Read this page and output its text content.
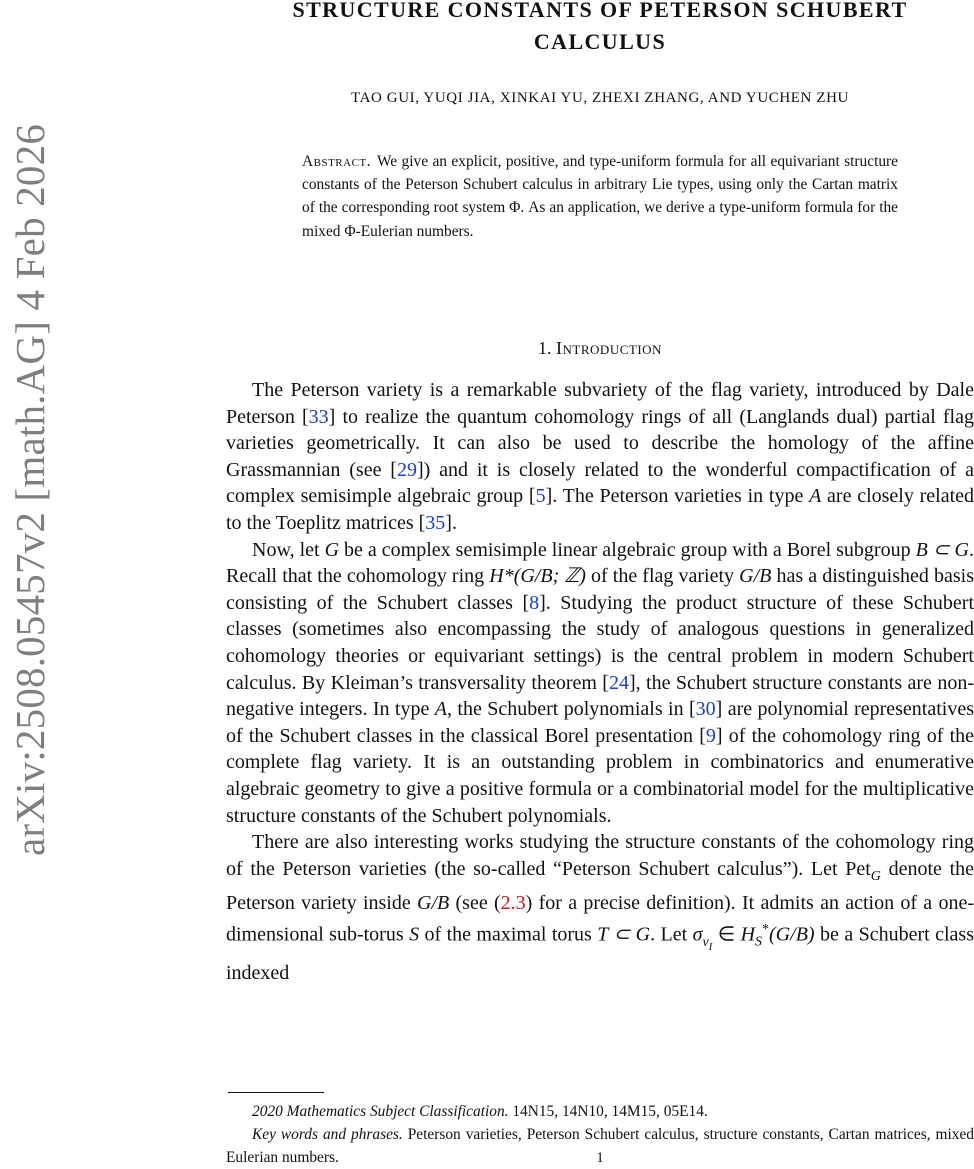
arXiv:2508.05457v2 [math.AG] 4 Feb 2026
STRUCTURE CONSTANTS OF PETERSON SCHUBERT
CALCULUS
TAO GUI, YUQI JIA, XINKAI YU, ZHEXI ZHANG, AND YUCHEN ZHU
Abstract. We give an explicit, positive, and type-uniform formula for all equivariant structure constants of the Peterson Schubert calculus in arbitrary Lie types, using only the Cartan matrix of the corresponding root system Φ. As an application, we derive a type-uniform formula for the mixed Φ-Eulerian numbers.
1. Introduction

The Peterson variety is a remarkable subvariety of the flag variety, introduced by Dale Peterson [33] to realize the quantum cohomology rings of all (Langlands dual) partial flag varieties geometrically. It can also be used to describe the homology of the affine Grassmannian (see [29]) and it is closely related to the wonderful compactification of a complex semisimple algebraic group [5]. The Peterson varieties in type A are closely related to the Toeplitz matrices [35].

Now, let G be a complex semisimple linear algebraic group with a Borel subgroup B ⊂ G. Recall that the cohomology ring H*(G/B; ℤ) of the flag variety G/B has a distinguished basis consisting of the Schubert classes [8]. Studying the product structure of these Schubert classes (sometimes also encompassing the study of analogous questions in generalized cohomology theories or equivariant settings) is the central problem in modern Schubert calculus. By Kleiman’s transversality theorem [24], the Schubert structure constants are non-negative integers. In type A, the Schubert polynomials in [30] are polynomial representatives of the Schubert classes in the classical Borel presentation [9] of the cohomology ring of the complete flag variety. It is an outstanding problem in combinatorics and enumerative algebraic geometry to give a positive formula or a combinatorial model for the multiplicative structure constants of the Schubert polynomials.

There are also interesting works studying the structure constants of the cohomology ring of the Peterson varieties (the so-called “Peterson Schubert calculus”). Let Pet$_G$ denote the Peterson variety inside G/B (see (2.3) for a precise definition). It admits an action of a one-dimensional sub-torus S of the maximal torus T ⊂ G. Let $\sigma_{v_I}$ ∈ $H_S^*(G/B)$ be a Schubert class indexed

2020 Mathematics Subject Classification. 14N15, 14N10, 14M15, 05E14.

Key words and phrases. Peterson varieties, Peterson Schubert calculus, structure constants, Cartan matrices, mixed Eulerian numbers.	1
